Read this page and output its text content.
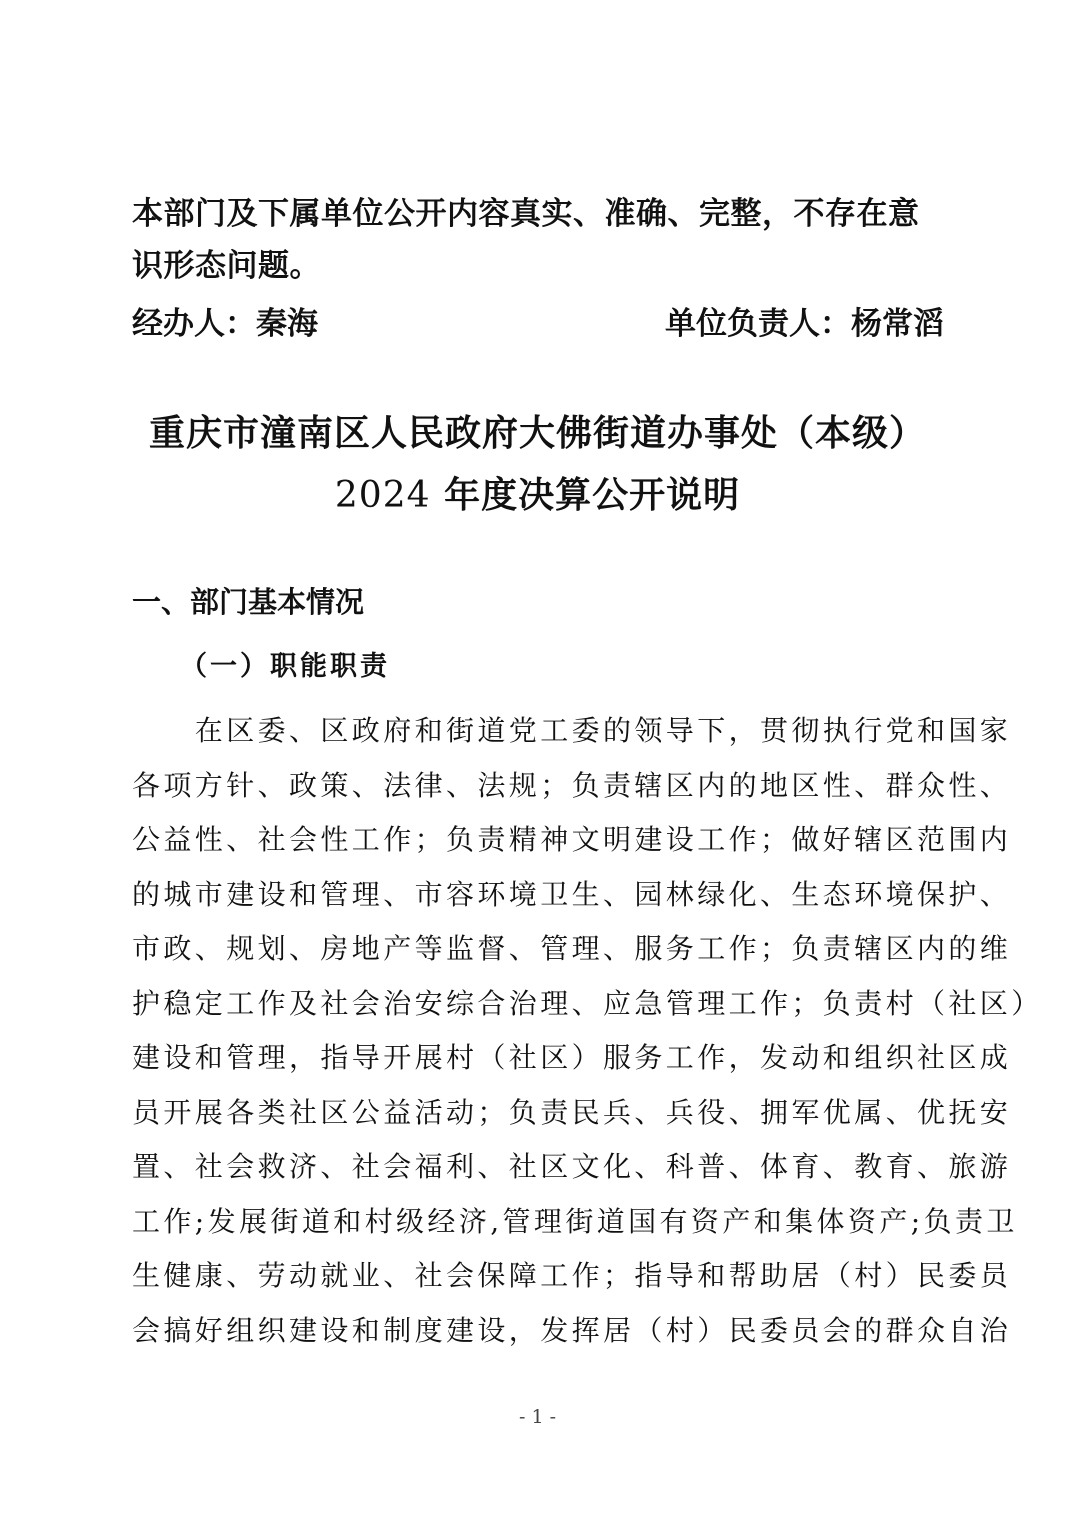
本部门及下属单位公开内容真实、准确、完整，不存在意识形态问题。
经办人：秦海	单位负责人：杨常滔
重庆市潼南区人民政府大佛街道办事处（本级）
2024 年度决算公开说明
一、部门基本情况
（一）职能职责
　　在区委、区政府和街道党工委的领导下，贯彻执行党和国家
各项方针、政策、法律、法规；负责辖区内的地区性、群众性、
公益性、社会性工作；负责精神文明建设工作；做好辖区范围内
的城市建设和管理、市容环境卫生、园林绿化、生态环境保护、
市政、规划、房地产等监督、管理、服务工作；负责辖区内的维
护稳定工作及社会治安综合治理、应急管理工作；负责村（社区）
建设和管理，指导开展村（社区）服务工作，发动和组织社区成
员开展各类社区公益活动；负责民兵、兵役、拥军优属、优抚安
置、社会救济、社会福利、社区文化、科普、体育、教育、旅游
工作;发展街道和村级经济,管理街道国有资产和集体资产;负责卫
生健康、劳动就业、社会保障工作；指导和帮助居（村）民委员
会搞好组织建设和制度建设，发挥居（村）民委员会的群众自治
- 1 -
